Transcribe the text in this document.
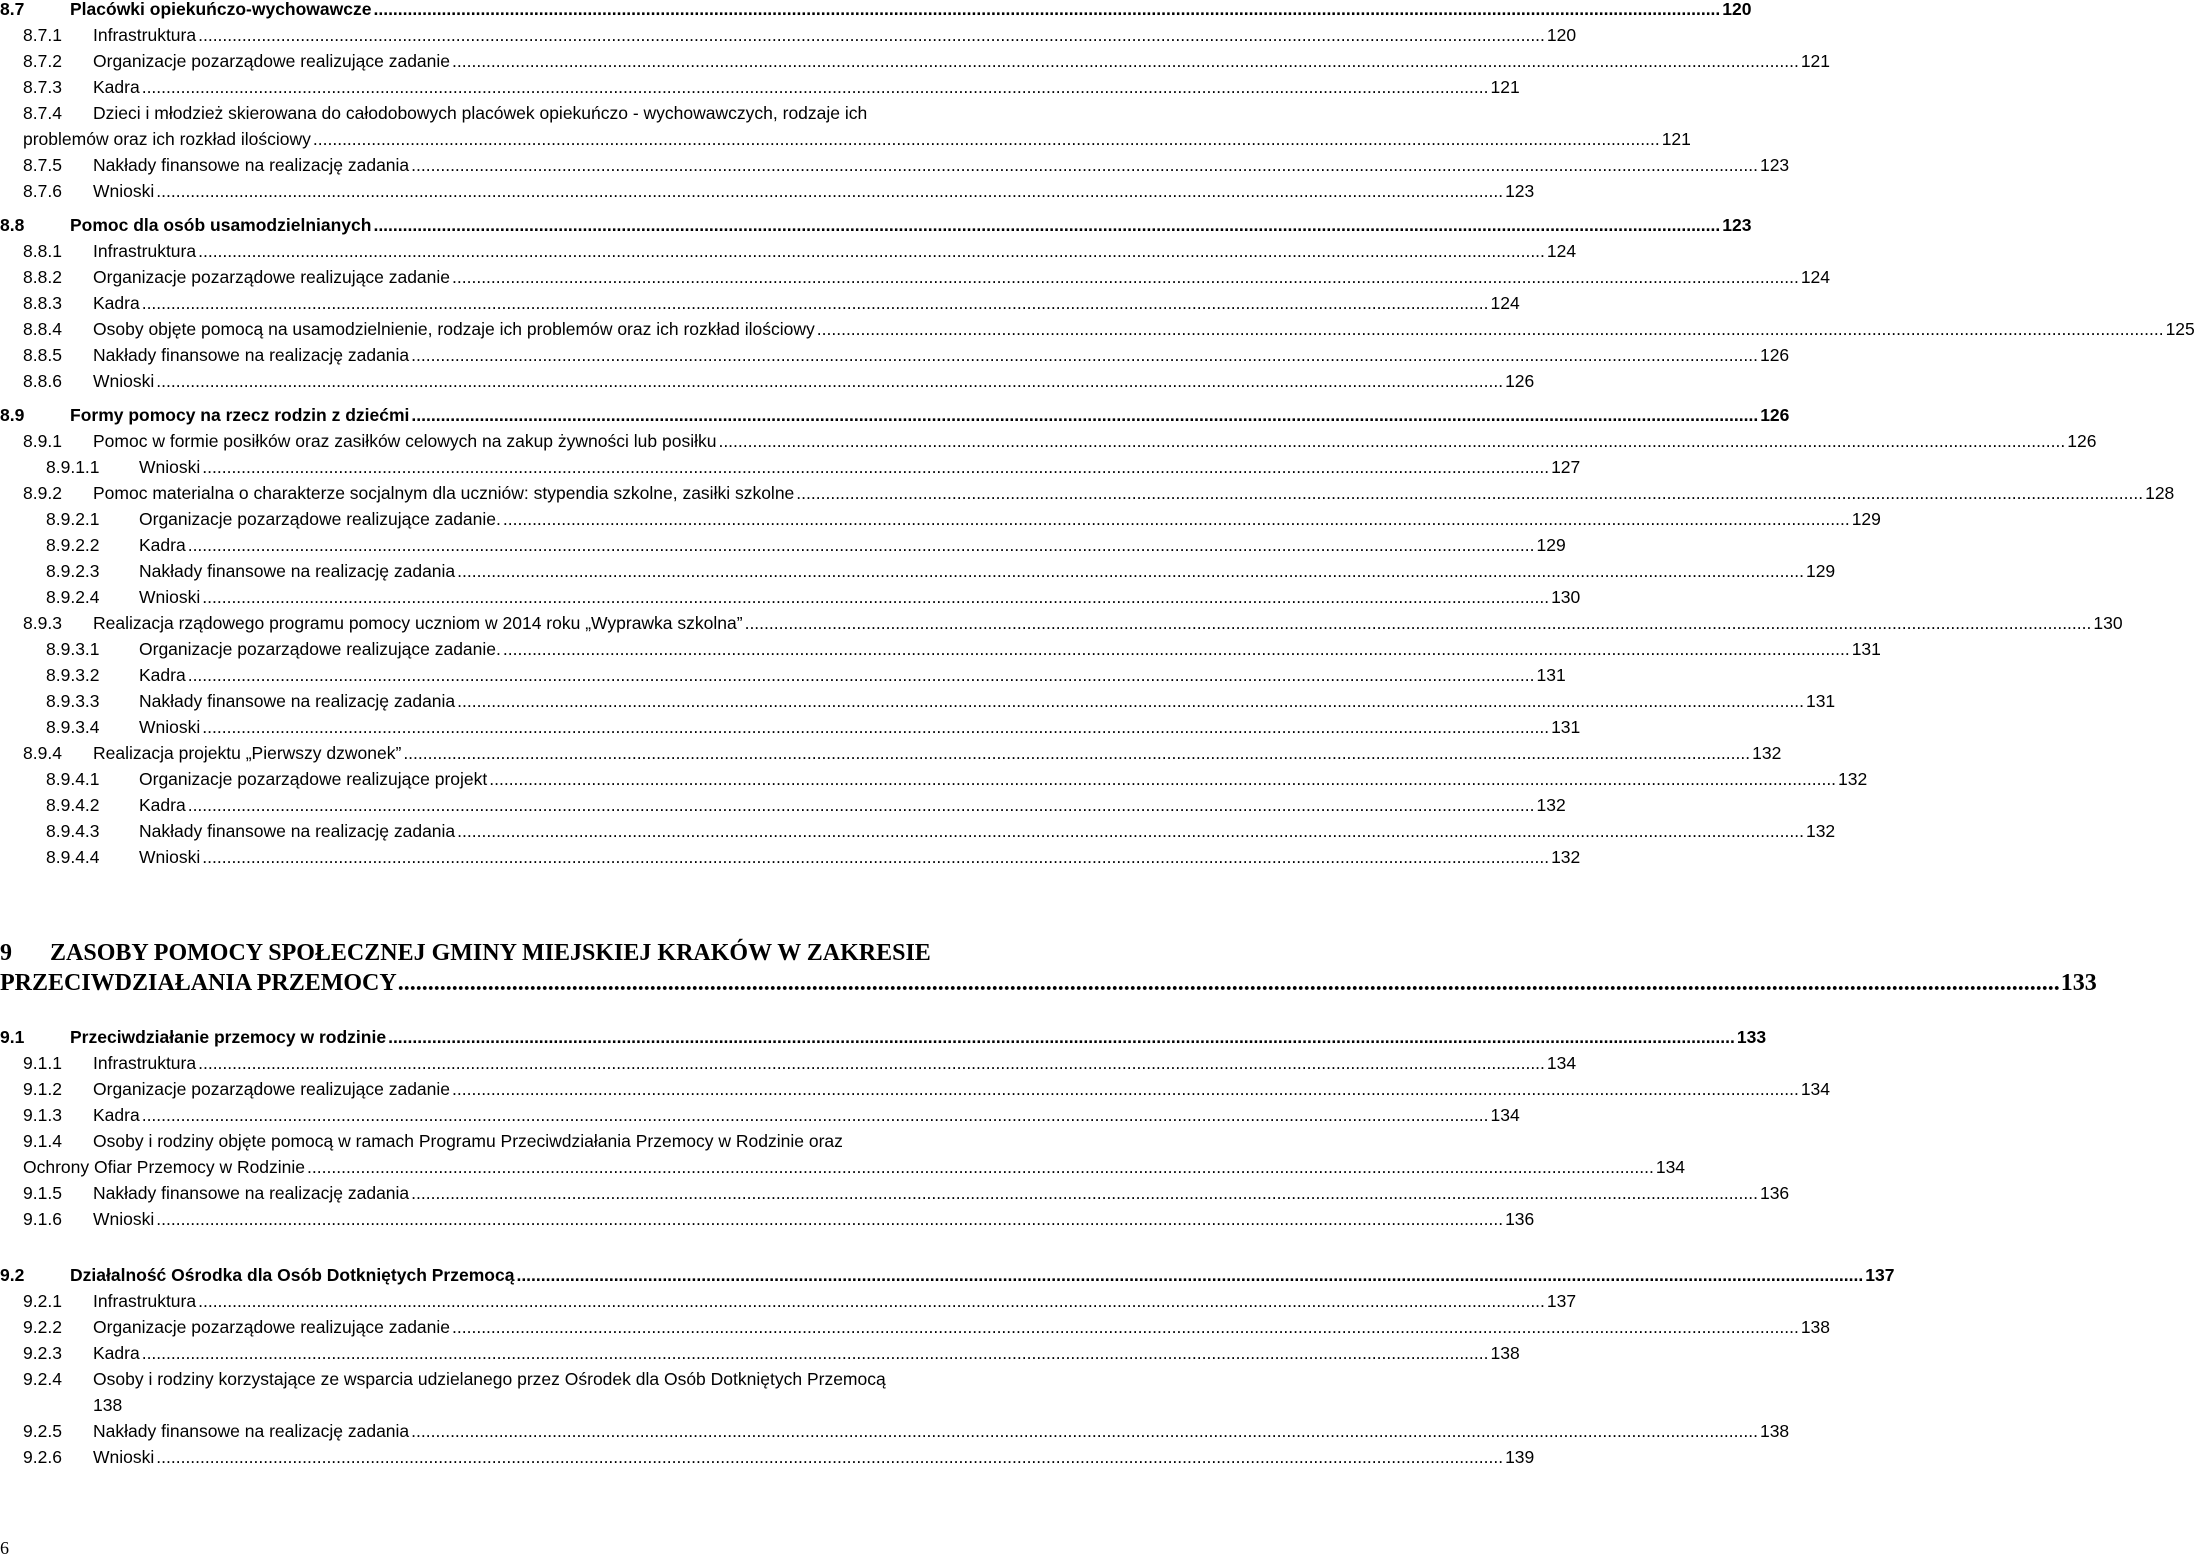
8.7	Placówki opiekuńczo-wychowawcze .....	120
8.7.1 Infrastruktura .....	120
8.7.2 Organizacje pozarządowe realizujące zadanie .....	121
8.7.3 Kadra .....	121
8.7.4 Dzieci i młodzież skierowana do całodobowych placówek opiekuńczo - wychowawczych, rodzaje ich
problemów oraz ich rozkład ilościowy .....	121
8.7.5 Nakłady finansowe na realizację zadania .....	123
8.7.6 Wnioski .....	123
8.8	Pomoc dla osób usamodzielnianych .....	123
8.8.1 Infrastruktura .....	124
8.8.2 Organizacje pozarządowe realizujące zadanie .....	124
8.8.3 Kadra .....	124
8.8.4 Osoby objęte pomocą na usamodzielnienie, rodzaje ich problemów oraz ich rozkład ilościowy .....	125
8.8.5 Nakłady finansowe na realizację zadania .....	126
8.8.6 Wnioski .....	126
8.9	Formy pomocy na rzecz rodzin z dziećmi .....	126
8.9.1 Pomoc w formie posiłków oraz zasiłków celowych na zakup żywności lub posiłku .....	126
8.9.1.1 Wnioski .....	127
8.9.2 Pomoc materialna o charakterze socjalnym dla uczniów: stypendia szkolne, zasiłki szkolne .....	128
8.9.2.1 Organizacje pozarządowe realizujące zadanie. .....	129
8.9.2.2 Kadra .....	129
8.9.2.3 Nakłady finansowe na realizację zadania .....	129
8.9.2.4 Wnioski .....	130
8.9.3 Realizacja rządowego programu pomocy uczniom w 2014 roku „Wyprawka szkolna” .....	130
8.9.3.1 Organizacje pozarządowe realizujące zadanie. .....	131
8.9.3.2 Kadra .....	131
8.9.3.3 Nakłady finansowe na realizację zadania .....	131
8.9.3.4 Wnioski .....	131
8.9.4 Realizacja projektu „Pierwszy dzwonek” .....	132
8.9.4.1 Organizacje pozarządowe realizujące projekt .....	132
8.9.4.2 Kadra .....	132
8.9.4.3 Nakłady finansowe na realizację zadania .....	132
8.9.4.4 Wnioski .....	132
9.1	Przeciwdziałanie przemocy w rodzinie .....	133
9.1.1 Infrastruktura .....	134
9.1.2 Organizacje pozarządowe realizujące zadanie .....	134
9.1.3 Kadra .....	134
9.1.4 Osoby i rodziny objęte pomocą w ramach Programu Przeciwdziałania Przemocy w Rodzinie oraz
Ochrony Ofiar Przemocy w Rodzinie .....	134
9.1.5 Nakłady finansowe na realizację zadania .....	136
9.1.6 Wnioski .....	136
9.2	Działalność Ośrodka dla Osób Dotkniętych Przemocą .....	137
9.2.1 Infrastruktura .....	137
9.2.2 Organizacje pozarządowe realizujące zadanie .....	138
9.2.3 Kadra .....	138
9.2.4 Osoby i rodziny korzystające ze wsparcia udzielanego przez Ośrodek dla Osób Dotkniętych Przemocą
138
9.2.5 Nakłady finansowe na realizację zadania .....	138
9.2.6 Wnioski .....	139
9 ZASOBY POMOCY SPOŁECZNEJ GMINY MIEJSKIEJ KRAKÓW W ZAKRESIE
PRZECIWDZIAŁANIA PRZEMOCY .....	133
6
